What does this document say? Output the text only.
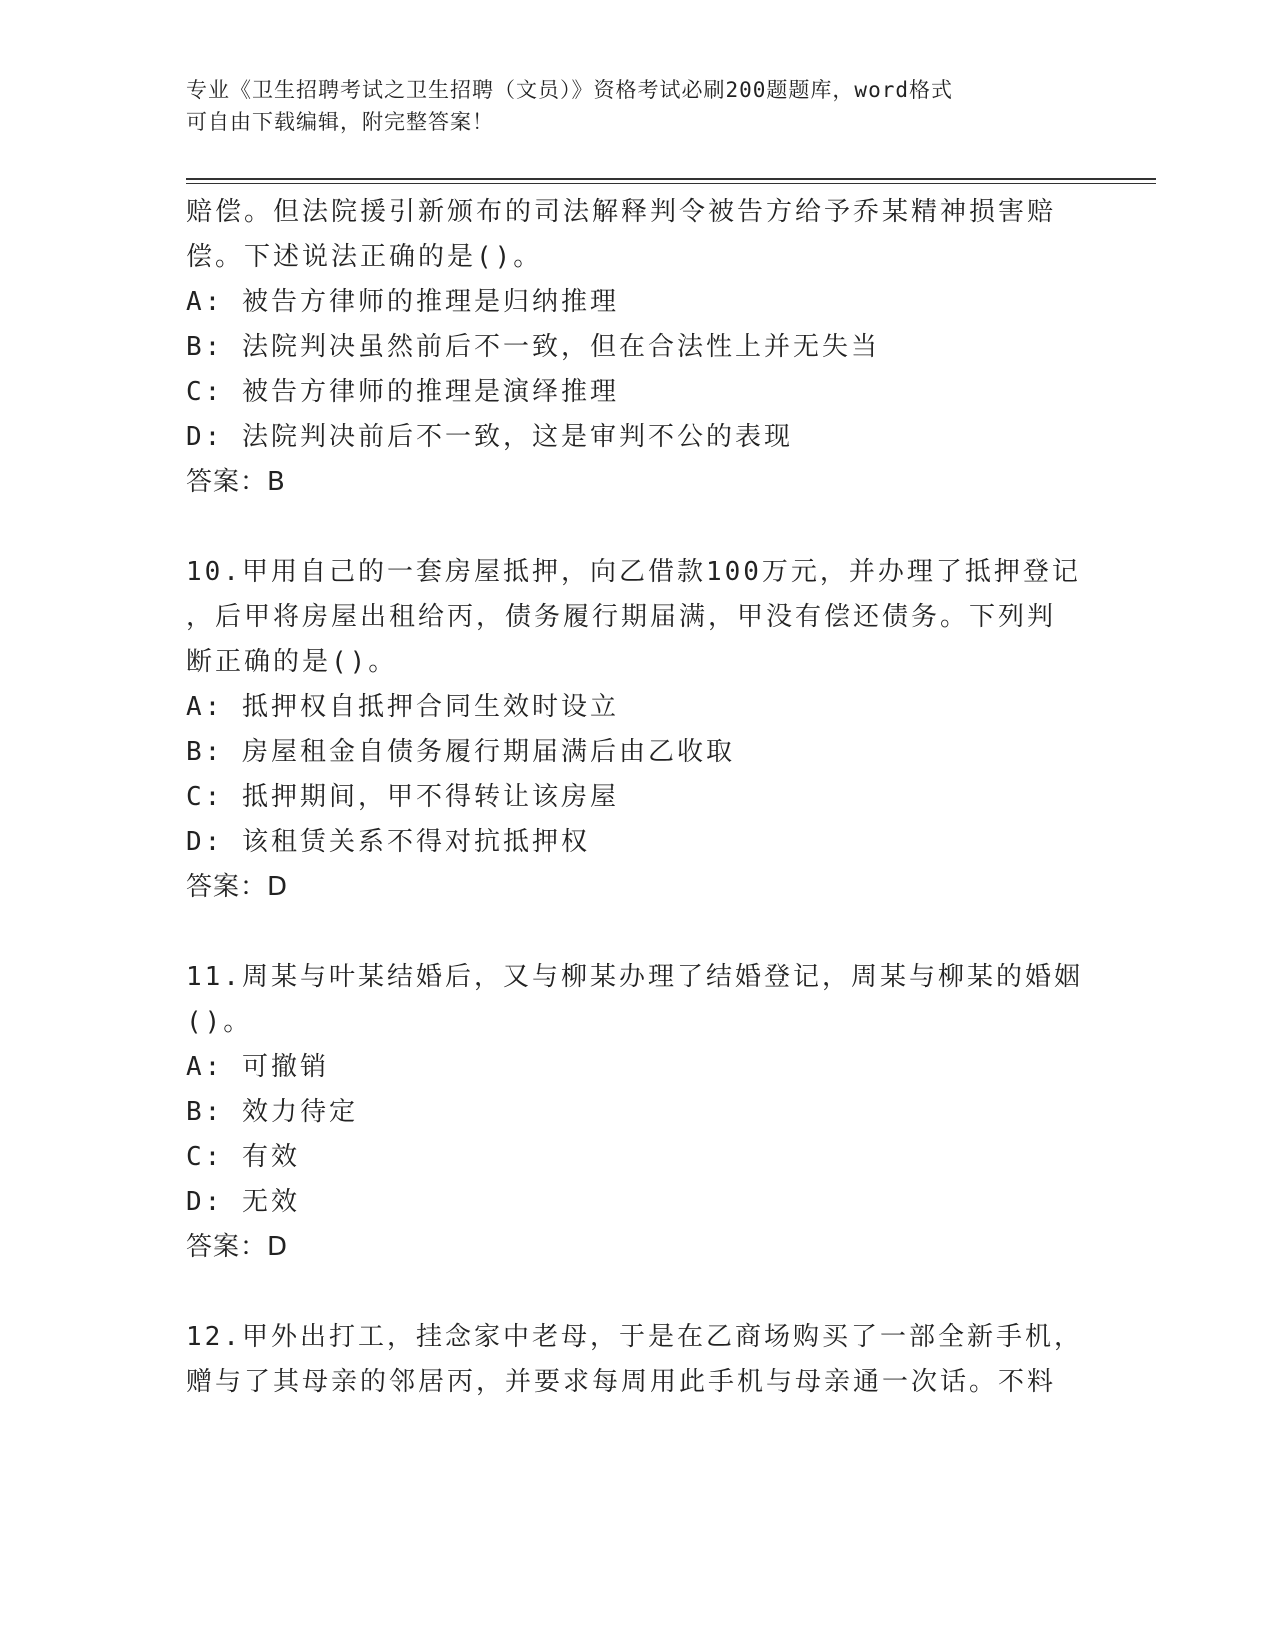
专业《卫生招聘考试之卫生招聘（文员）》资格考试必刷200题题库，word格式
可自由下载编辑，附完整答案！
赔偿。但法院援引新颁布的司法解释判令被告方给予乔某精神损害赔
偿。下述说法正确的是()。
A: 被告方律师的推理是归纳推理
B: 法院判决虽然前后不一致，但在合法性上并无失当
C: 被告方律师的推理是演绎推理
D: 法院判决前后不一致，这是审判不公的表现
答案：B
10.甲用自己的一套房屋抵押，向乙借款100万元，并办理了抵押登记
，后甲将房屋出租给丙，债务履行期届满，甲没有偿还债务。下列判
断正确的是()。
A: 抵押权自抵押合同生效时设立
B: 房屋租金自债务履行期届满后由乙收取
C: 抵押期间，甲不得转让该房屋
D: 该租赁关系不得对抗抵押权
答案：D
11.周某与叶某结婚后，又与柳某办理了结婚登记，周某与柳某的婚姻
()。
A: 可撤销
B: 效力待定
C: 有效
D: 无效
答案：D
12.甲外出打工，挂念家中老母，于是在乙商场购买了一部全新手机，
赠与了其母亲的邻居丙，并要求每周用此手机与母亲通一次话。不料
